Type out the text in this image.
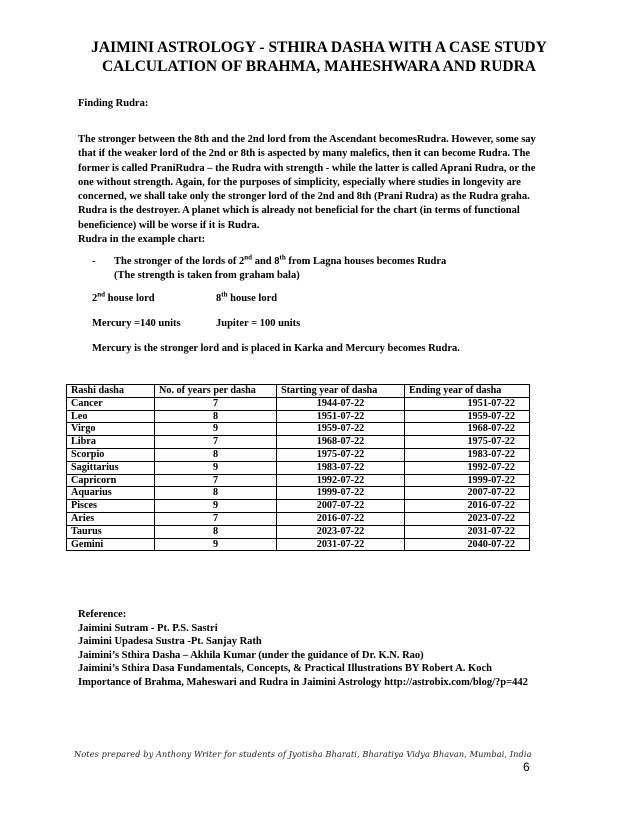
JAIMINI ASTROLOGY - STHIRA DASHA WITH A CASE STUDY
CALCULATION OF BRAHMA, MAHESHWARA AND RUDRA
Finding Rudra:
The stronger between the 8th and the 2nd lord from the Ascendant becomesRudra. However, some say that if the weaker lord of the 2nd or 8th is aspected by many malefics, then it can become Rudra. The former is called PraniRudra – the Rudra with strength - while the latter is called Aprani Rudra, or the one without strength. Again, for the purposes of simplicity, especially where studies in longevity are concerned, we shall take only the stronger lord of the 2nd and 8th (Prani Rudra) as the Rudra graha. Rudra is the destroyer. A planet which is already not beneficial for the chart (in terms of functional beneficience) will be worse if it is Rudra.
Rudra in the example chart:
- The stronger of the lords of 2nd and 8th from Lagna houses becomes Rudra
(The strength is taken from graham bala)
2nd house lord	8th house lord
Mercury =140 units	Jupiter = 100 units
Mercury is the stronger lord and is placed in Karka and Mercury becomes Rudra.
Rashi dasha	No. of years per dasha	Starting year of dasha	Ending year of dasha
Cancer	7	1944-07-22	1951-07-22
Leo	8	1951-07-22	1959-07-22
Virgo	9	1959-07-22	1968-07-22
Libra	7	1968-07-22	1975-07-22
Scorpio	8	1975-07-22	1983-07-22
Sagittarius	9	1983-07-22	1992-07-22
Capricorn	7	1992-07-22	1999-07-22
Aquarius	8	1999-07-22	2007-07-22
Pisces	9	2007-07-22	2016-07-22
Aries	7	2016-07-22	2023-07-22
Taurus	8	2023-07-22	2031-07-22
Gemini	9	2031-07-22	2040-07-22
Reference:
Jaimini Sutram - Pt. P.S. Sastri
Jaimini Upadesa Sustra -Pt. Sanjay Rath
Jaimini’s Sthira Dasha – Akhila Kumar (under the guidance of Dr. K.N. Rao)
Jaimini’s Sthira Dasa Fundamentals, Concepts, & Practical Illustrations BY Robert A. Koch
Importance of Brahma, Maheswari and Rudra in Jaimini Astrology http://astrobix.com/blog/?p=442
Notes prepared by Anthony Writer for students of Jyotisha Bharati, Bharatiya Vidya Bhavan, Mumbai, India
6
